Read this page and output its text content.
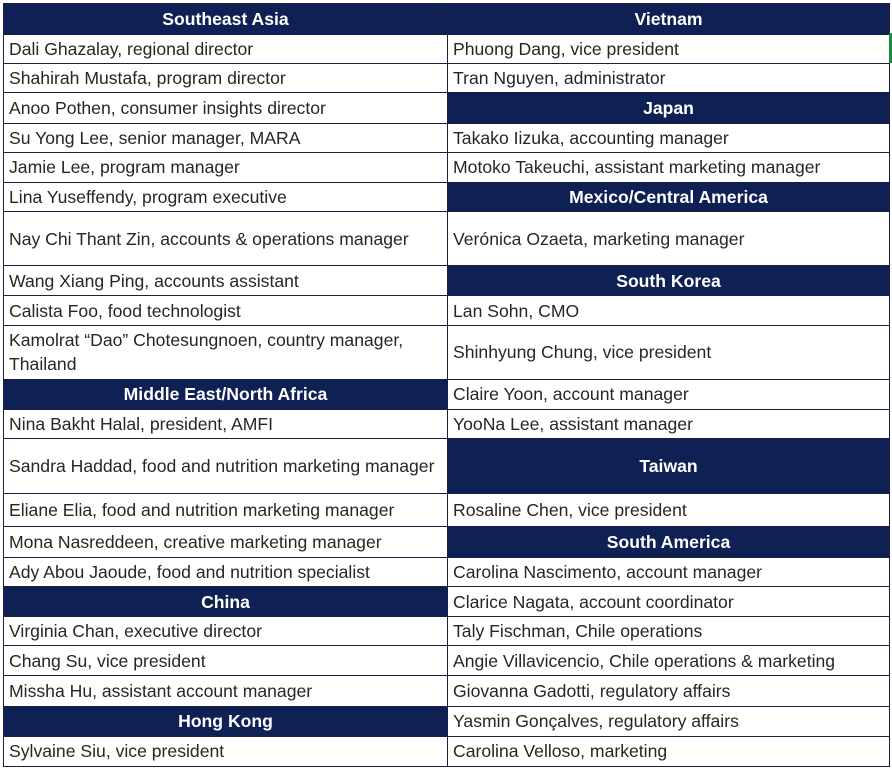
Southeast Asia	Vietnam
Dali Ghazalay, regional director	Phuong Dang, vice president
Shahirah Mustafa, program director	Tran Nguyen, administrator
Anoo Pothen, consumer insights director	Japan
Su Yong Lee, senior manager, MARA	Takako Iizuka, accounting manager
Jamie Lee, program manager	Motoko Takeuchi, assistant marketing manager
Lina Yuseffendy, program executive	Mexico/Central America
Nay Chi Thant Zin, accounts & operations manager	Verónica Ozaeta, marketing manager
Wang Xiang Ping, accounts assistant	South Korea
Calista Foo, food technologist	Lan Sohn, CMO
Kamolrat “Dao” Chotesungnoen, country manager, Thailand	Shinhyung Chung, vice president
Middle East/North Africa	Claire Yoon, account manager
Nina Bakht Halal, president, AMFI	YooNa Lee, assistant manager
Sandra Haddad, food and nutrition marketing manager	Taiwan
Eliane Elia, food and nutrition marketing manager	Rosaline Chen, vice president
Mona Nasreddeen, creative marketing manager	South America
Ady Abou Jaoude, food and nutrition specialist	Carolina Nascimento, account manager
China	Clarice Nagata, account coordinator
Virginia Chan, executive director	Taly Fischman, Chile operations
Chang Su, vice president	Angie Villavicencio, Chile operations & marketing
Missha Hu, assistant account manager	Giovanna Gadotti, regulatory affairs
Hong Kong	Yasmin Gonçalves, regulatory affairs
Sylvaine Siu, vice president	Carolina Velloso, marketing
